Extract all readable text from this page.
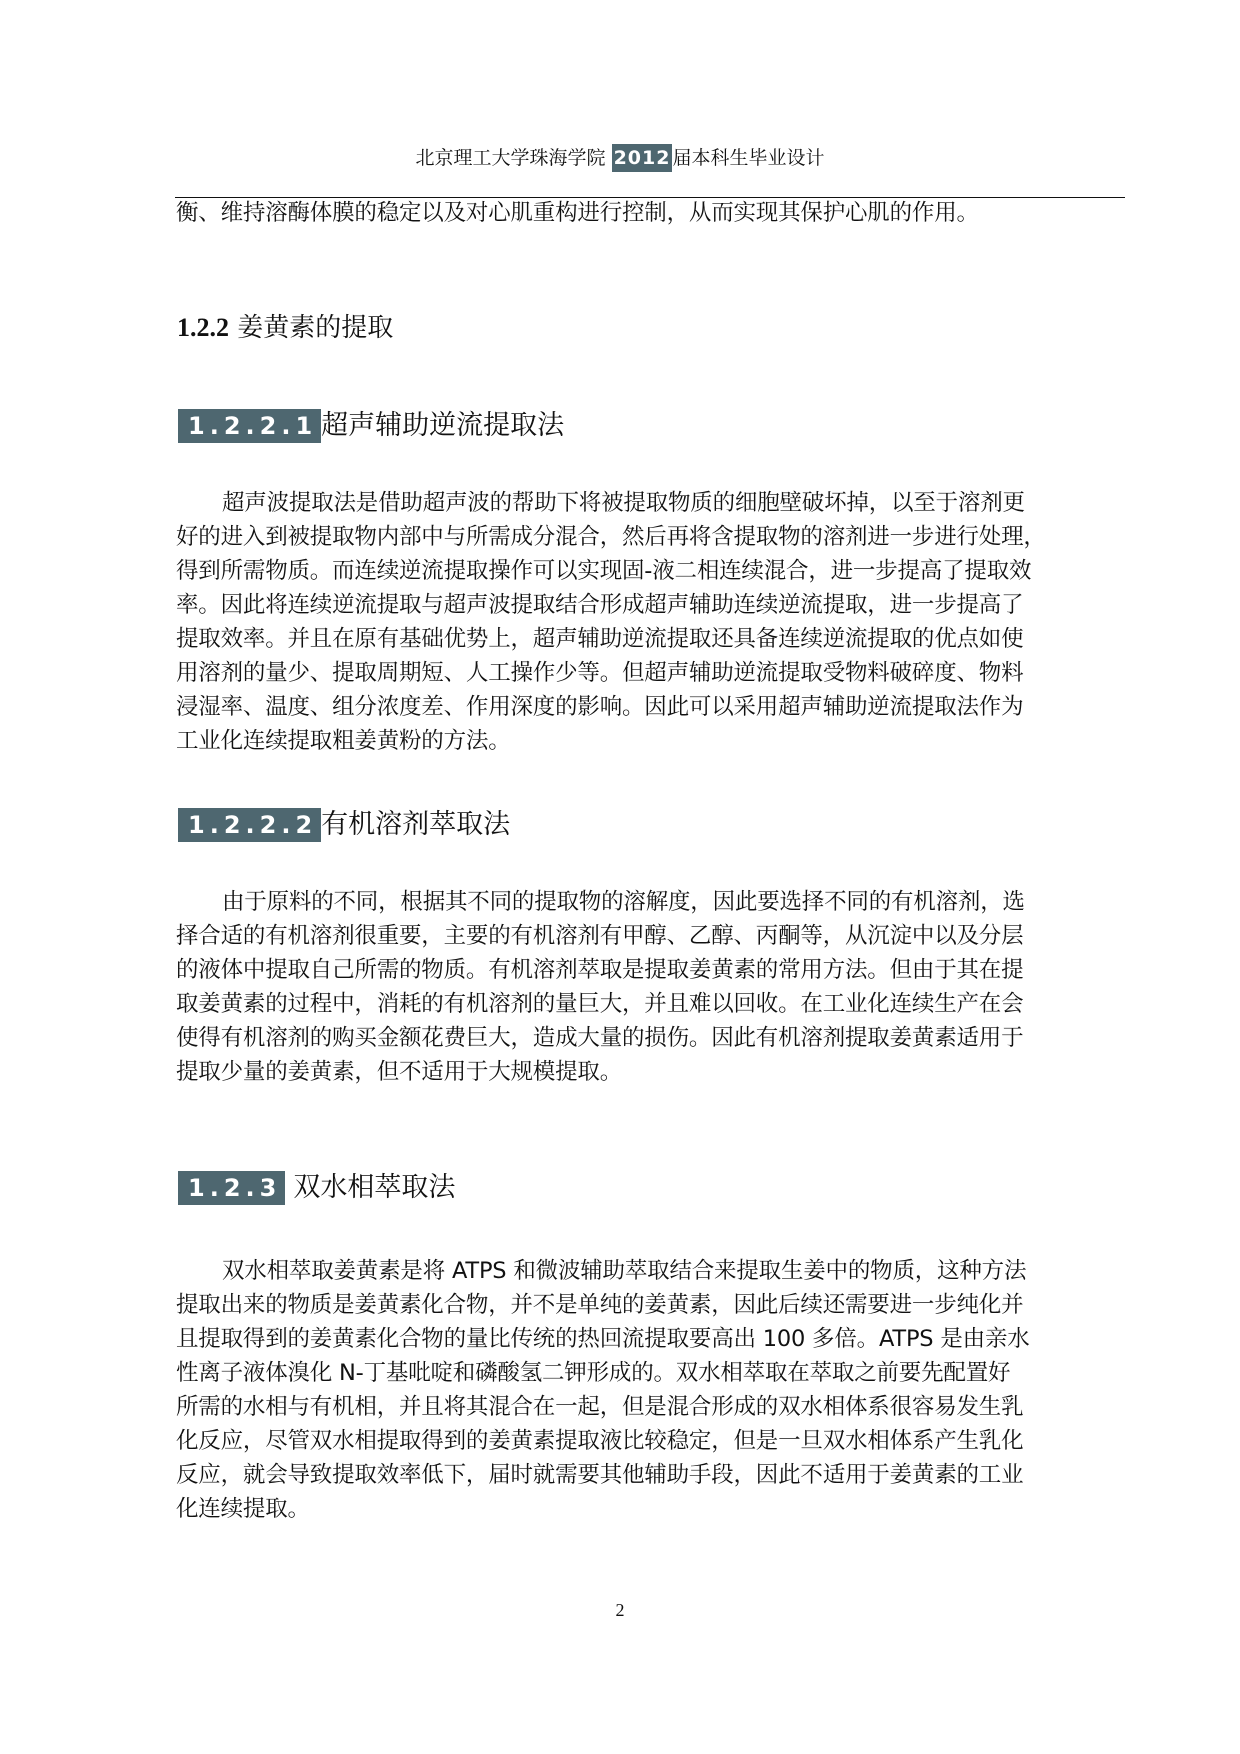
北京理工大学珠海学院 2012 届本科生毕业设计
衡、维持溶酶体膜的稳定以及对心肌重构进行控制，从而实现其保护心肌的作用。
1.2.2 姜黄素的提取
1.2.2.1 超声辅助逆流提取法
超声波提取法是借助超声波的帮助下将被提取物质的细胞壁破坏掉，以至于溶剂更
好的进入到被提取物内部中与所需成分混合，然后再将含提取物的溶剂进一步进行处理，
得到所需物质。而连续逆流提取操作可以实现固-液二相连续混合，进一步提高了提取效
率。因此将连续逆流提取与超声波提取结合形成超声辅助连续逆流提取，进一步提高了
提取效率。并且在原有基础优势上，超声辅助逆流提取还具备连续逆流提取的优点如使
用溶剂的量少、提取周期短、人工操作少等。但超声辅助逆流提取受物料破碎度、物料
浸湿率、温度、组分浓度差、作用深度的影响。因此可以采用超声辅助逆流提取法作为
工业化连续提取粗姜黄粉的方法。
1.2.2.2 有机溶剂萃取法
由于原料的不同，根据其不同的提取物的溶解度，因此要选择不同的有机溶剂，选
择合适的有机溶剂很重要，主要的有机溶剂有甲醇、乙醇、丙酮等，从沉淀中以及分层
的液体中提取自己所需的物质。有机溶剂萃取是提取姜黄素的常用方法。但由于其在提
取姜黄素的过程中，消耗的有机溶剂的量巨大，并且难以回收。在工业化连续生产在会
使得有机溶剂的购买金额花费巨大，造成大量的损伤。因此有机溶剂提取姜黄素适用于
提取少量的姜黄素，但不适用于大规模提取。
1.2.3 双水相萃取法
双水相萃取姜黄素是将 ATPS 和微波辅助萃取结合来提取生姜中的物质，这种方法
提取出来的物质是姜黄素化合物，并不是单纯的姜黄素，因此后续还需要进一步纯化并
且提取得到的姜黄素化合物的量比传统的热回流提取要高出 100 多倍。ATPS 是由亲水
性离子液体溴化 N-丁基吡啶和磷酸氢二钾形成的。双水相萃取在萃取之前要先配置好
所需的水相与有机相，并且将其混合在一起，但是混合形成的双水相体系很容易发生乳
化反应，尽管双水相提取得到的姜黄素提取液比较稳定，但是一旦双水相体系产生乳化
反应，就会导致提取效率低下，届时就需要其他辅助手段，因此不适用于姜黄素的工业
化连续提取。
2
